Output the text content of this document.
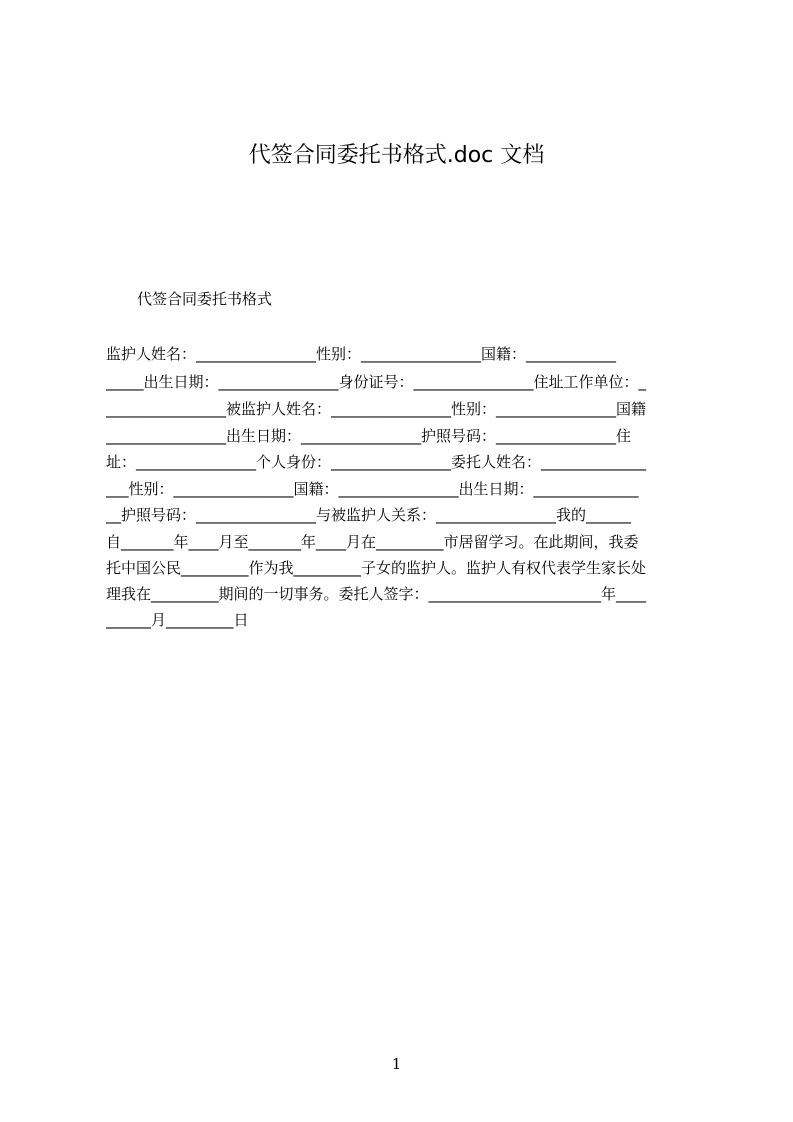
代签合同委托书格式.doc 文档

代签合同委托书格式

监护人姓名：________________性别：________________国籍：____________
_____出生日期：________________身份证号：________________住址工作单位：_
________________被监护人姓名：________________性别：________________国籍
________________出生日期：________________护照号码：________________住
址：________________个人身份：________________委托人姓名：______________
___性别：________________国籍：________________出生日期：______________
__护照号码：________________与被监护人关系：________________我的______
自_______年____月至_______年____月在_________市居留学习。在此期间，我委
托中国公民_________作为我_________子女的监护人。监护人有权代表学生家长处
理我在_________期间的一切事务。委托人签字：_______________________年____
______月_________日
1
